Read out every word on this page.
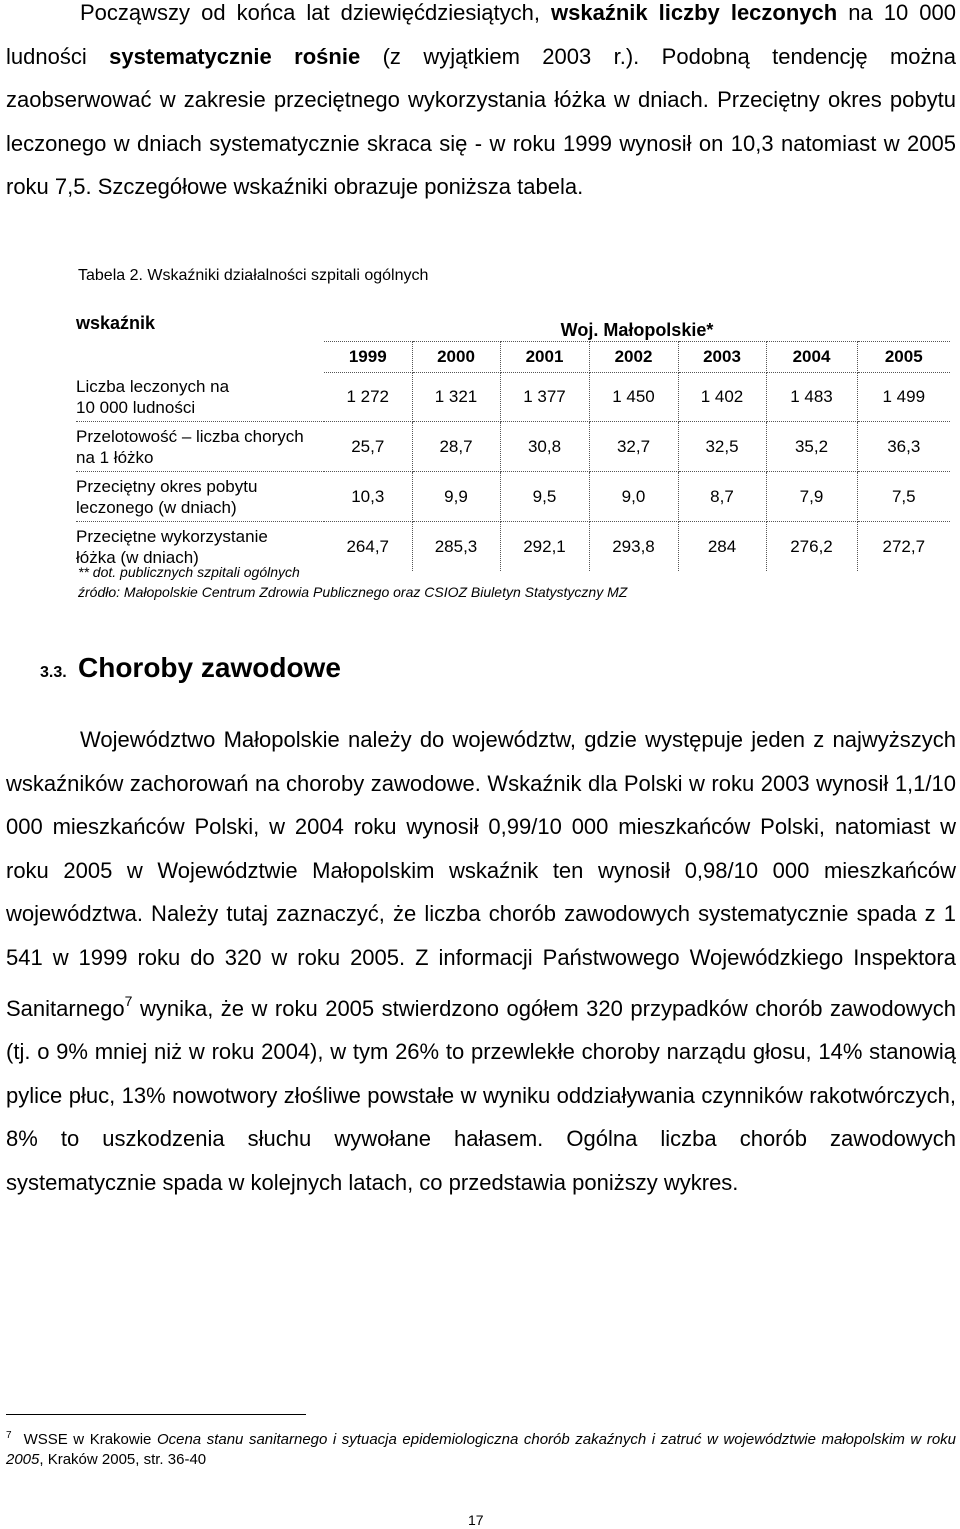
Począwszy od końca lat dziewięćdziesiątych, wskaźnik liczby leczonych na 10 000 ludności systematycznie rośnie (z wyjątkiem 2003 r.). Podobną tendencję można zaobserwować w zakresie przeciętnego wykorzystania łóżka w dniach. Przeciętny okres pobytu leczonego w dniach systematycznie skraca się - w roku 1999 wynosił on 10,3 natomiast w 2005 roku 7,5. Szczegółowe wskaźniki obrazuje poniższa tabela.

Tabela 2. Wskaźniki działalności szpitali ogólnych
wskaźnik	Woj. Małopolskie*						
	1999	2000	2001	2002	2003	2004	2005
Liczba leczonych na
10 000 ludności	1 272	1 321	1 377	1 450	1 402	1 483	1 499
Przelotowość – liczba chorych
na 1 łóżko	25,7	28,7	30,8	32,7	32,5	35,2	36,3
Przeciętny okres pobytu
leczonego (w dniach)	10,3	9,9	9,5	9,0	8,7	7,9	7,5
Przeciętne wykorzystanie
łóżka (w dniach)	264,7	285,3	292,1	293,8	284	276,2	272,7
** dot. publicznych szpitali ogólnych
źródło: Małopolskie Centrum Zdrowia Publicznego oraz CSIOZ Biuletyn Statystyczny MZ
3.3. Choroby zawodowe

Województwo Małopolskie należy do województw, gdzie występuje jeden z najwyższych wskaźników zachorowań na choroby zawodowe. Wskaźnik dla Polski w roku 2003 wynosił 1,1/10 000 mieszkańców Polski, w 2004 roku wynosił 0,99/10 000 mieszkańców Polski, natomiast w roku 2005 w Województwie Małopolskim wskaźnik ten wynosił 0,98/10 000 mieszkańców województwa. Należy tutaj zaznaczyć, że liczba chorób zawodowych systematycznie spada z 1 541 w 1999 roku do 320 w roku 2005. Z informacji Państwowego Wojewódzkiego Inspektora Sanitarnego$^7$ wynika, że w roku 2005 stwierdzono ogółem 320 przypadków chorób zawodowych (tj. o 9% mniej niż w roku 2004), w tym 26% to przewlekłe choroby narządu głosu, 14% stanowią pylice płuc, 13% nowotwory złośliwe powstałe w wyniku oddziaływania czynników rakotwórczych, 8% to uszkodzenia słuchu wywołane hałasem. Ogólna liczba chorób zawodowych systematycznie spada w kolejnych latach, co przedstawia poniższy wykres.

$^7$ WSSE w Krakowie Ocena stanu sanitarnego i sytuacja epidemiologiczna chorób zakaźnych i zatruć w województwie małopolskim w roku 2005, Kraków 2005, str. 36-40
17
